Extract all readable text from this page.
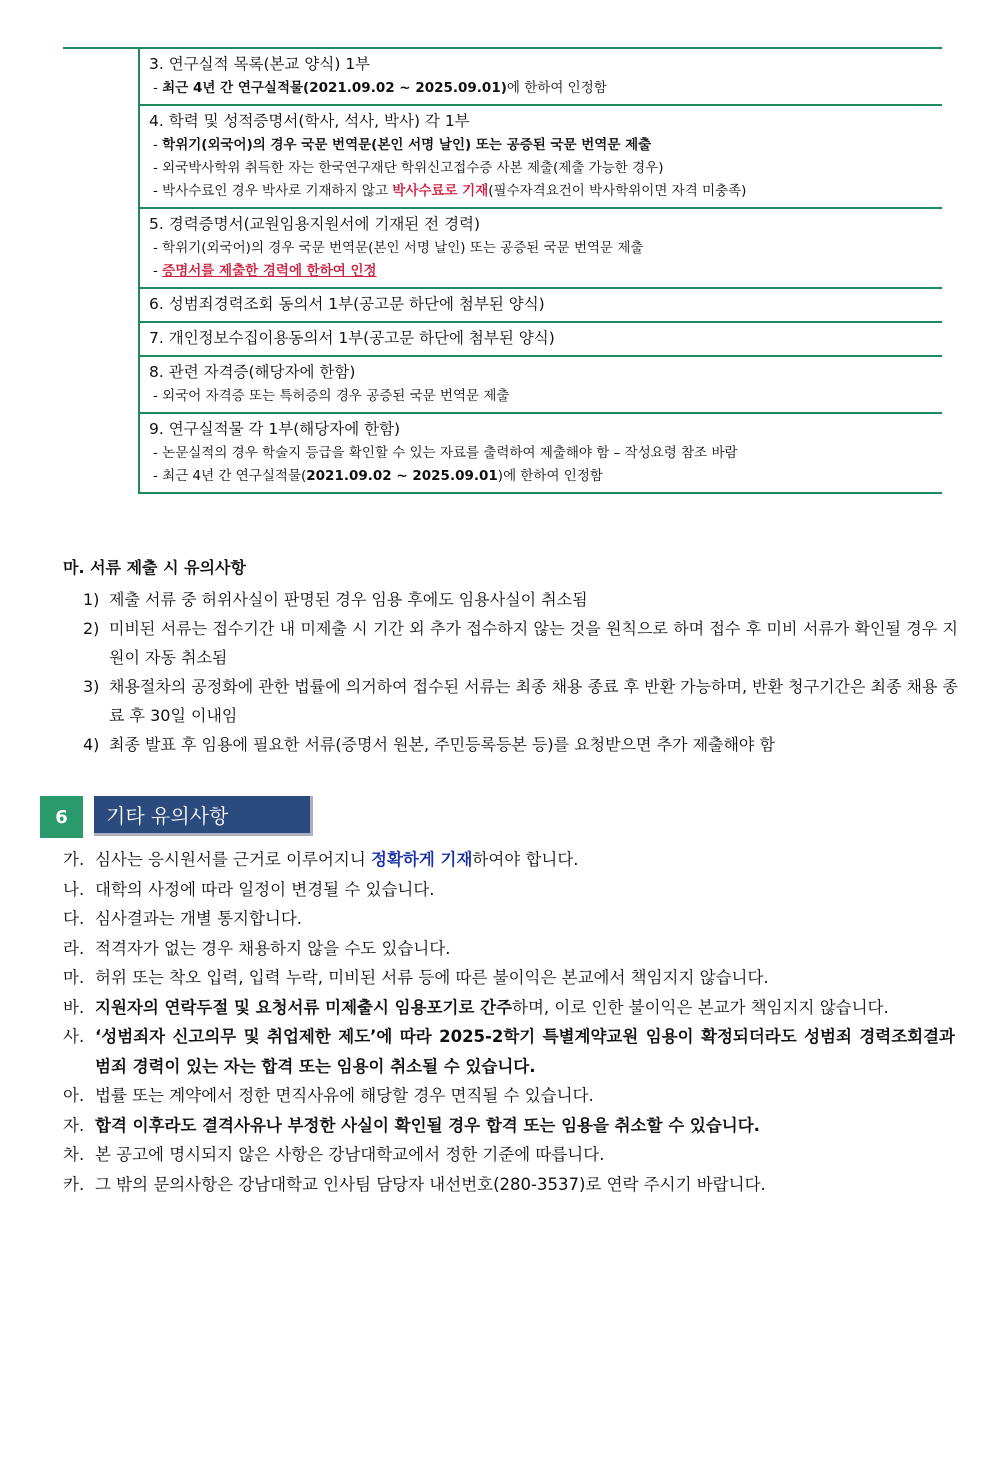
3. 연구실적 목록(본교 양식) 1부
- 최근 4년 간 연구실적물(2021.09.02 ~ 2025.09.01)에 한하여 인정함

4. 학력 및 성적증명서(학사, 석사, 박사) 각 1부
- 학위기(외국어)의 경우 국문 번역문(본인 서명 날인) 또는 공증된 국문 번역문 제출
- 외국박사학위 취득한 자는 한국연구재단 학위신고접수증 사본 제출(제출 가능한 경우)
- 박사수료인 경우 박사로 기재하지 않고 박사수료로 기재(필수자격요건이 박사학위이면 자격 미충족)

5. 경력증명서(교원임용지원서에 기재된 전 경력)
- 학위기(외국어)의 경우 국문 번역문(본인 서명 날인) 또는 공증된 국문 번역문 제출
- 증명서를 제출한 경력에 한하여 인정

6. 성범죄경력조회 동의서 1부(공고문 하단에 첨부된 양식)

7. 개인정보수집이용동의서 1부(공고문 하단에 첨부된 양식)

8. 관련 자격증(해당자에 한함)
- 외국어 자격증 또는 특허증의 경우 공증된 국문 번역문 제출

9. 연구실적물 각 1부(해당자에 한함)
- 논문실적의 경우 학술지 등급을 확인할 수 있는 자료를 출력하여 제출해야 함 – 작성요령 참조 바람
- 최근 4년 간 연구실적물(2021.09.02 ~ 2025.09.01)에 한하여 인정함
마. 서류 제출 시 유의사항
1) 제출 서류 중 허위사실이 판명된 경우 임용 후에도 임용사실이 취소됨
2) 미비된 서류는 접수기간 내 미제출 시 기간 외 추가 접수하지 않는 것을 원칙으로 하며 접수 후 미비 서류가 확인될 경우 지원이 자동 취소됨
3) 채용절차의 공정화에 관한 법률에 의거하여 접수된 서류는 최종 채용 종료 후 반환 가능하며, 반환 청구기간은 최종 채용 종료 후 30일 이내임
4) 최종 발표 후 임용에 필요한 서류(증명서 원본, 주민등록등본 등)를 요청받으면 추가 제출해야 함
6	기타 유의사항
가. 심사는 응시원서를 근거로 이루어지니 정확하게 기재하여야 합니다.
나. 대학의 사정에 따라 일정이 변경될 수 있습니다.
다. 심사결과는 개별 통지합니다.
라. 적격자가 없는 경우 채용하지 않을 수도 있습니다.
마. 허위 또는 착오 입력, 입력 누락, 미비된 서류 등에 따른 불이익은 본교에서 책임지지 않습니다.
바. 지원자의 연락두절 및 요청서류 미제출시 임용포기로 간주하며, 이로 인한 불이익은 본교가 책임지지 않습니다.
사. ‘성범죄자 신고의무 및 취업제한 제도’에 따라 2025-2학기 특별계약교원 임용이 확정되더라도 성범죄 경력조회결과 범죄 경력이 있는 자는 합격 또는 임용이 취소될 수 있습니다.
아. 법률 또는 계약에서 정한 면직사유에 해당할 경우 면직될 수 있습니다.
자. 합격 이후라도 결격사유나 부정한 사실이 확인될 경우 합격 또는 임용을 취소할 수 있습니다.
차. 본 공고에 명시되지 않은 사항은 강남대학교에서 정한 기준에 따릅니다.
카. 그 밖의 문의사항은 강남대학교 인사팀 담당자 내선번호(280-3537)로 연락 주시기 바랍니다.
